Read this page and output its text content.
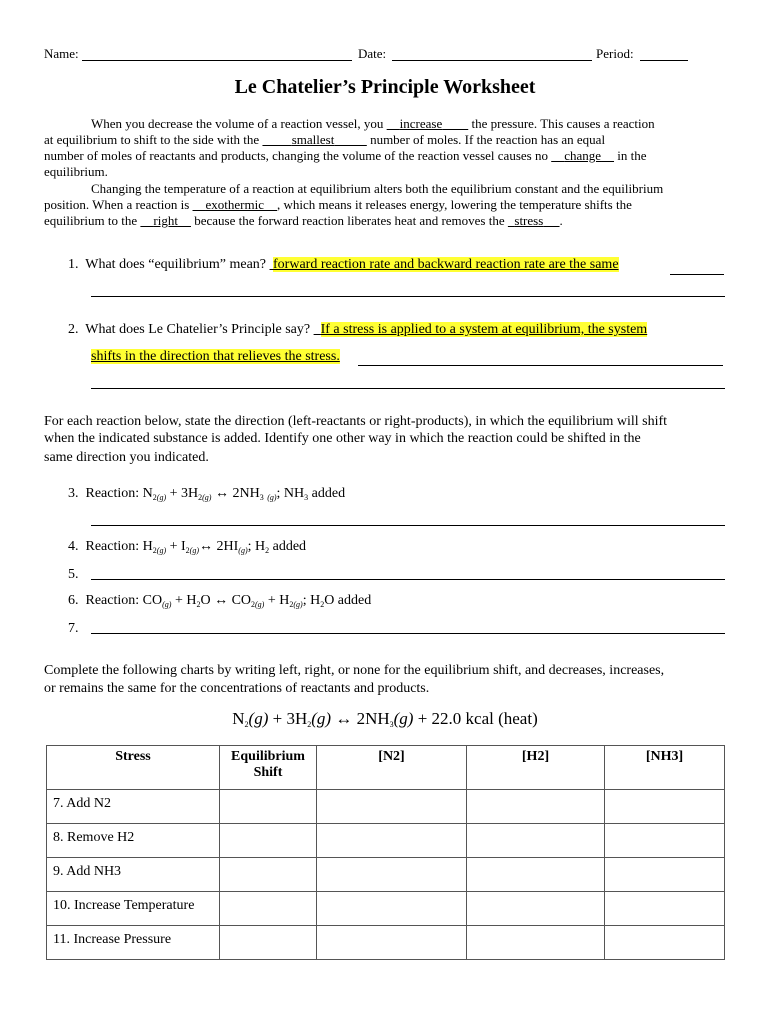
Name:	Date:	Period:
Le Chatelier’s Principle Worksheet
When you decrease the volume of a reaction vessel, you increase the pressure. This causes a reaction
at equilibrium to shift to the side with the	smallest	number of moles. If the reaction has an equal
number of moles of reactants and products, changing the volume of the reaction vessel causes no change in the
equilibrium.
Changing the temperature of a reaction at equilibrium alters both the equilibrium constant and the equilibrium
position. When a reaction is exothermic , which means it releases energy, lowering the temperature shifts the
equilibrium to the right because the forward reaction liberates heat and removes the stress .
1. What does “equilibrium” mean? forward reaction rate and backward reaction rate are the same
2. What does Le Chatelier’s Principle say? If a stress is applied to a system at equilibrium, the system
shifts in the direction that relieves the stress.
For each reaction below, state the direction (left-reactants or right-products), in which the equilibrium will shift
when the indicated substance is added. Identify one other way in which the reaction could be shifted in the
same direction you indicated.
3. Reaction: $N_{2(g)} + 3H_{2(g)}$ ↔ $2NH_3$ $_{(g)}$; $NH_3$ added
4. Reaction: $H_{2(g)}$ + $I_{2(g)}\leftrightarrow$ $2HI_{(g)}$; $H_2$ added
5.
6. Reaction: $CO_{(g)} + H_2O$ ↔ $CO_{2(g)} + H_{2(g)}$; $H_2O$ added
7.
Complete the following charts by writing left, right, or none for the equilibrium shift, and decreases, increases,
or remains the same for the concentrations of reactants and products.
$N_2(g) + 3H_2(g)$ ↔ $2NH_3(g) + 22.0$ kcal (heat)
Stress	Equilibrium Shift	[N2]	[H2]	[NH3]
7. Add N2				
8. Remove H2				
9. Add NH3				
10. Increase Temperature				
11. Increase Pressure				
